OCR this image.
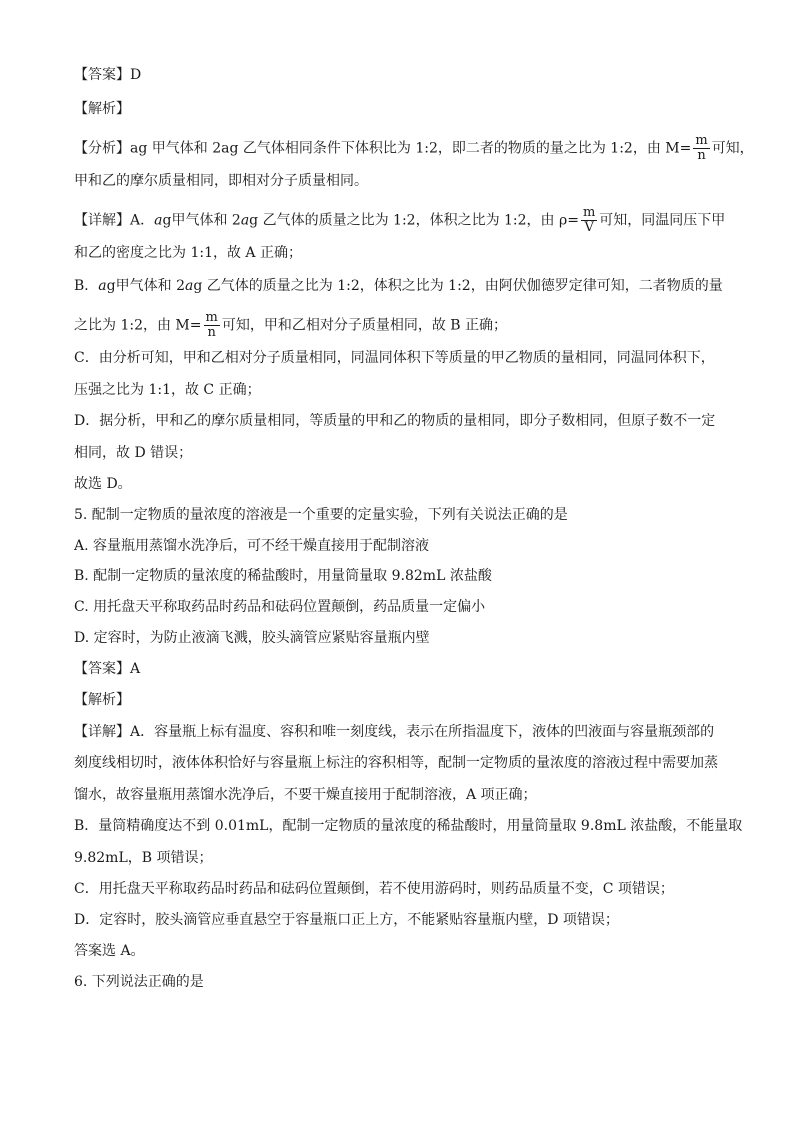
【答案】D
【解析】
【分析】ag 甲气体和 2ag 乙气体相同条件下体积比为 1:2，即二者的物质的量之比为 1:2，由 $M= \frac{m}{n}$ 可知，
甲和乙的摩尔质量相同，即相对分子质量相同。
【详解】A．ag甲气体和 2ag 乙气体的质量之比为 1:2，体积之比为 1:2，由 $\rho= \frac{m}{V}$ 可知，同温同压下甲
和乙的密度之比为 1:1，故 A 正确；
B．ag甲气体和 2ag 乙气体的质量之比为 1:2，体积之比为 1:2，由阿伏伽德罗定律可知，二者物质的量
之比为 1:2，由 $M= \frac{m}{n}$ 可知，甲和乙相对分子质量相同，故 B 正确；
C．由分析可知，甲和乙相对分子质量相同，同温同体积下等质量的甲乙物质的量相同，同温同体积下，
压强之比为 1:1，故 C 正确；
D．据分析，甲和乙的摩尔质量相同，等质量的甲和乙的物质的量相同，即分子数相同，但原子数不一定
相同，故 D 错误；
故选 D。
5. 配制一定物质的量浓度的溶液是一个重要的定量实验，下列有关说法正确的是
A. 容量瓶用蒸馏水洗净后，可不经干燥直接用于配制溶液
B. 配制一定物质的量浓度的稀盐酸时，用量筒量取 9.82mL 浓盐酸
C. 用托盘天平称取药品时药品和砝码位置颠倒，药品质量一定偏小
D. 定容时，为防止液滴飞溅，胶头滴管应紧贴容量瓶内壁
【答案】A
【解析】
【详解】A．容量瓶上标有温度、容积和唯一刻度线，表示在所指温度下，液体的凹液面与容量瓶颈部的
刻度线相切时，液体体积恰好与容量瓶上标注的容积相等，配制一定物质的量浓度的溶液过程中需要加蒸
馏水，故容量瓶用蒸馏水洗净后，不要干燥直接用于配制溶液，A 项正确；
B．量筒精确度达不到 0.01mL，配制一定物质的量浓度的稀盐酸时，用量筒量取 9.8mL 浓盐酸，不能量取
9.82mL，B 项错误；
C．用托盘天平称取药品时药品和砝码位置颠倒，若不使用游码时，则药品质量不变，C 项错误；
D．定容时，胶头滴管应垂直悬空于容量瓶口正上方，不能紧贴容量瓶内壁，D 项错误；
答案选 A。
6. 下列说法正确的是
